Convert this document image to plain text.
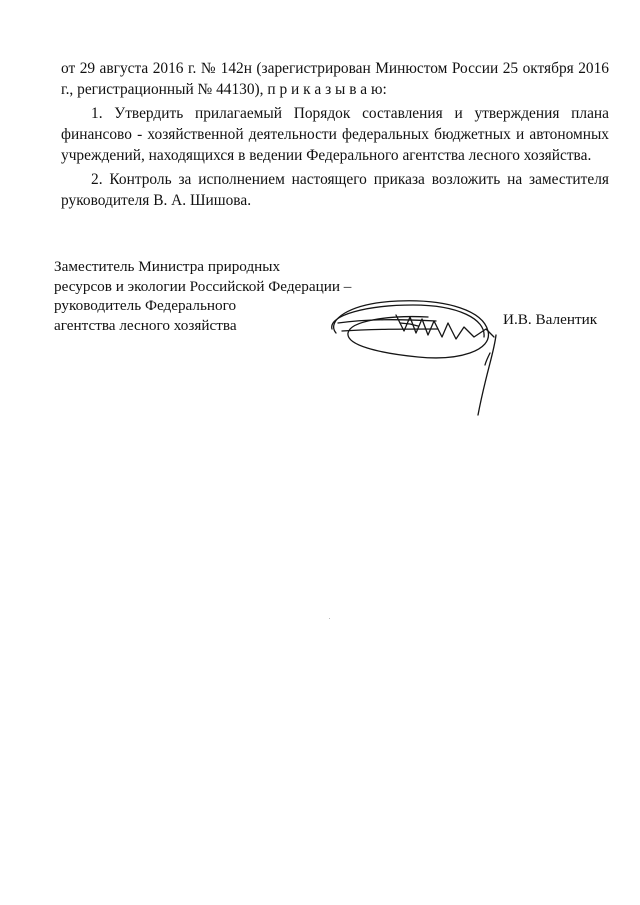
от 29 августа 2016 г. № 142н (зарегистрирован Минюстом России 25 октября 2016 г., регистрационный № 44130), п р и к а з ы в а ю:

1. Утвердить прилагаемый Порядок составления и утверждения плана финансово - хозяйственной деятельности федеральных бюджетных и автономных учреждений, находящихся в ведении Федерального агентства лесного хозяйства.

2. Контроль за исполнением настоящего приказа возложить на заместителя руководителя В. А. Шишова.

Заместитель Министра природных
ресурсов и экологии Российской Федерации –
руководитель Федерального
агентства лесного хозяйства	И.В. Валентик
